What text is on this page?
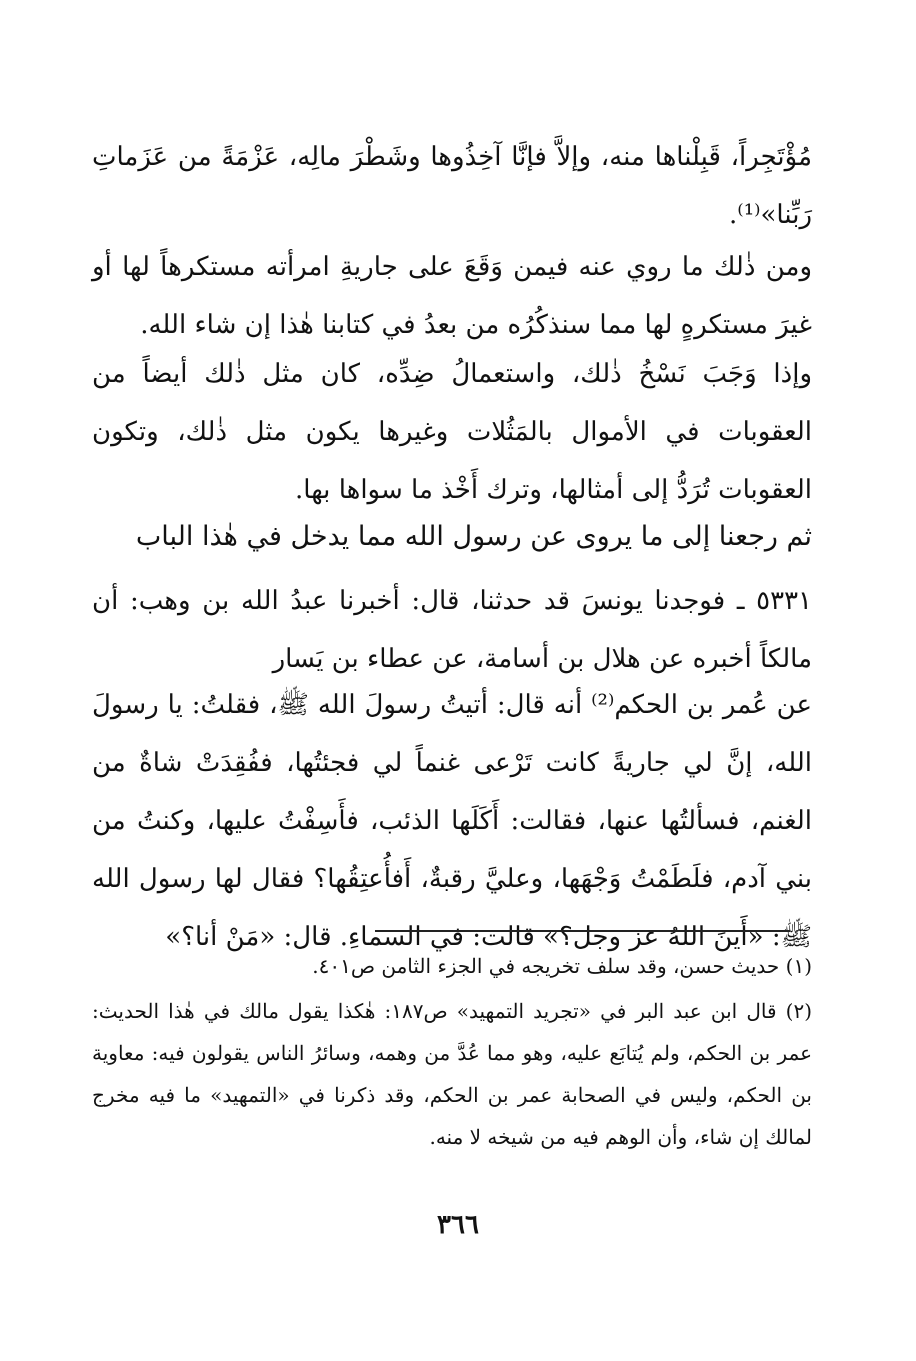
مُؤْتَجِراً، قَبِلْناها منه، وإلاَّ فإنَّا آخِذُوها وشَطْرَ مالِه، عَزْمَةً من عَزَماتِ رَبِّنا»⁽¹⁾.

ومن ذٰلك ما روي عنه فيمن وَقَعَ على جاريةِ امرأته مستكرهاً لها أو غيرَ مستكرهٍ لها مما سنذكُرُه من بعدُ في كتابنا هٰذا إن شاء الله.

وإذا وَجَبَ نَسْخُ ذٰلك، واستعمالُ ضِدِّه، كان مثل ذٰلك أيضاً من العقوبات في الأموال بالمَثُلات وغيرها يكون مثل ذٰلك، وتكون العقوبات تُرَدُّ إلى أمثالها، وترك أَخْذ ما سواها بها.

ثم رجعنا إلى ما يروى عن رسول الله مما يدخل في هٰذا الباب

٥٣٣١ ـ فوجدنا يونسَ قد حدثنا، قال: أخبرنا عبدُ الله بن وهب: أن مالكاً أخبره عن هلال بن أسامة، عن عطاء بن يَسار

عن عُمر بن الحكم⁽²⁾ أنه قال: أتيتُ رسولَ الله ﷺ، فقلتُ: يا رسولَ الله، إنَّ لي جاريةً كانت تَرْعى غنماً لي فجئتُها، ففُقِدَتْ شاةٌ من الغنم، فسألتُها عنها، فقالت: أَكَلَها الذئب، فأَسِفْتُ عليها، وكنتُ من بني آدم، فلَطَمْتُ وَجْهَها، وعليَّ رقبةٌ، أَفأُعتِقُها؟ فقال لها رسول الله ﷺ: «أَينَ اللهُ عز وجل؟» قالت: في السماءِ. قال: «مَنْ أنا؟»

(١) حديث حسن، وقد سلف تخريجه في الجزء الثامن ص٤٠١.

(٢) قال ابن عبد البر في «تجريد التمهيد» ص١٨٧: هٰكذا يقول مالك في هٰذا الحديث: عمر بن الحكم، ولم يُتابَع عليه، وهو مما عُدَّ من وهمه، وسائرُ الناس يقولون فيه: معاوية بن الحكم، وليس في الصحابة عمر بن الحكم، وقد ذكرنا في «التمهيد» ما فيه مخرج لمالك إن شاء، وأن الوهم فيه من شيخه لا منه.

٣٦٦
